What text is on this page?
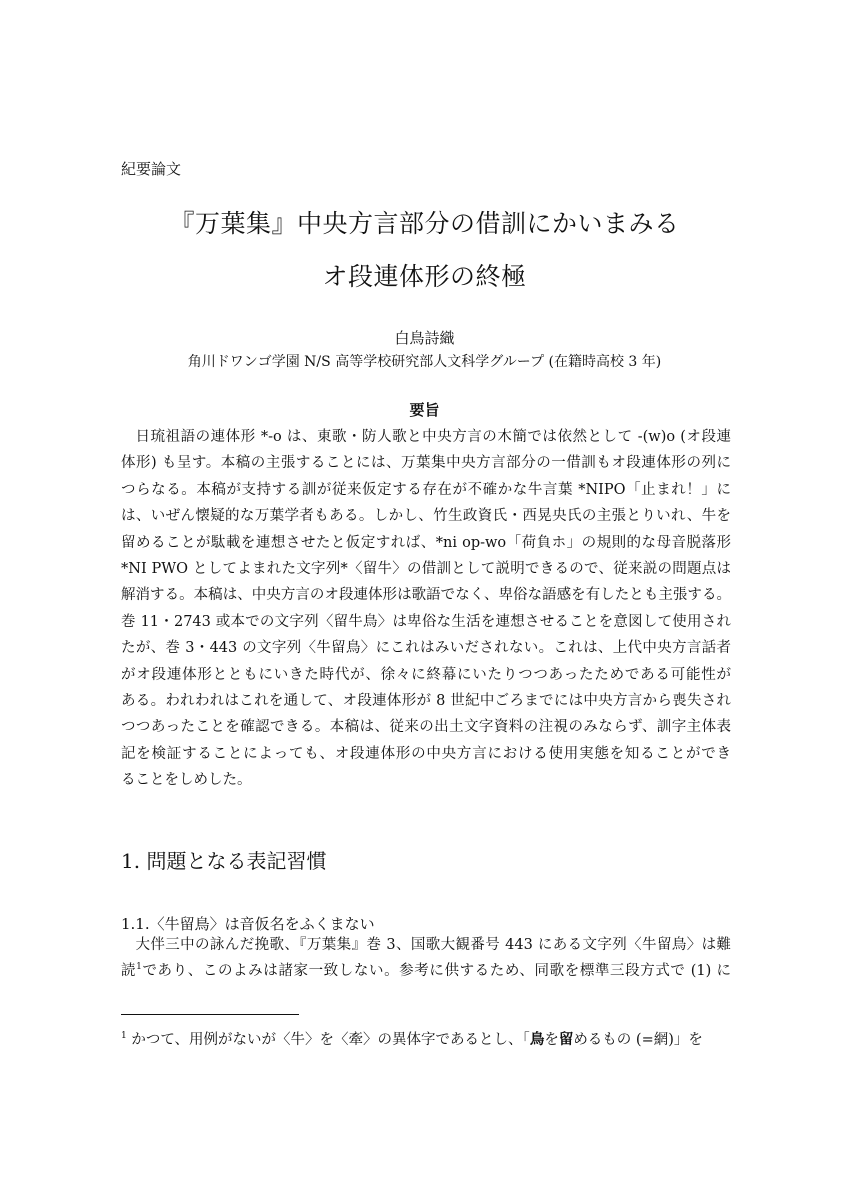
紀要論文
『万葉集』中央方言部分の借訓にかいまみる
オ段連体形の終極
白鳥詩織
角川ドワンゴ学園 N/S 高等学校研究部人文科学グループ (在籍時高校 3 年)
要旨
日琉祖語の連体形 *-o は、東歌・防人歌と中央方言の木簡では依然として -(w)o (オ段連
体形) も呈す。本稿の主張することには、万葉集中央方言部分の一借訓もオ段連体形の列に
つらなる。本稿が支持する訓が従来仮定する存在が不確かな牛言葉 *NIPO「止まれ！」に
は、いぜん懐疑的な万葉学者もある。しかし、竹生政資氏・西晃央氏の主張とりいれ、牛を
留めることが駄載を連想させたと仮定すれば、*ni op-wo「荷負ホ」の規則的な母音脱落形
*NI PWO としてよまれた文字列*〈留牛〉の借訓として説明できるので、従来説の問題点は
解消する。本稿は、中央方言のオ段連体形は歌語でなく、卑俗な語感を有したとも主張する。
巻 11・2743 或本での文字列〈留牛鳥〉は卑俗な生活を連想させることを意図して使用され
たが、巻 3・443 の文字列〈牛留鳥〉にこれはみいだされない。これは、上代中央方言話者
がオ段連体形とともにいきた時代が、徐々に終幕にいたりつつあったためである可能性が
ある。われわれはこれを通して、オ段連体形が 8 世紀中ごろまでには中央方言から喪失され
つつあったことを確認できる。本稿は、従来の出土文字資料の注視のみならず、訓字主体表
記を検証することによっても、オ段連体形の中央方言における使用実態を知ることができ
ることをしめした。
1. 問題となる表記習慣
1.1.〈牛留鳥〉は音仮名をふくまない
大伴三中の詠んだ挽歌、『万葉集』巻 3、国歌大観番号 443 にある文字列〈牛留鳥〉は難
読$^1$であり、このよみは諸家一致しない。参考に供するため、同歌を標準三段方式で (1) に
$^1$ かつて、用例がないが〈牛〉を〈牽〉の異体字であるとし、「鳥を留めるもの (=網)」を
